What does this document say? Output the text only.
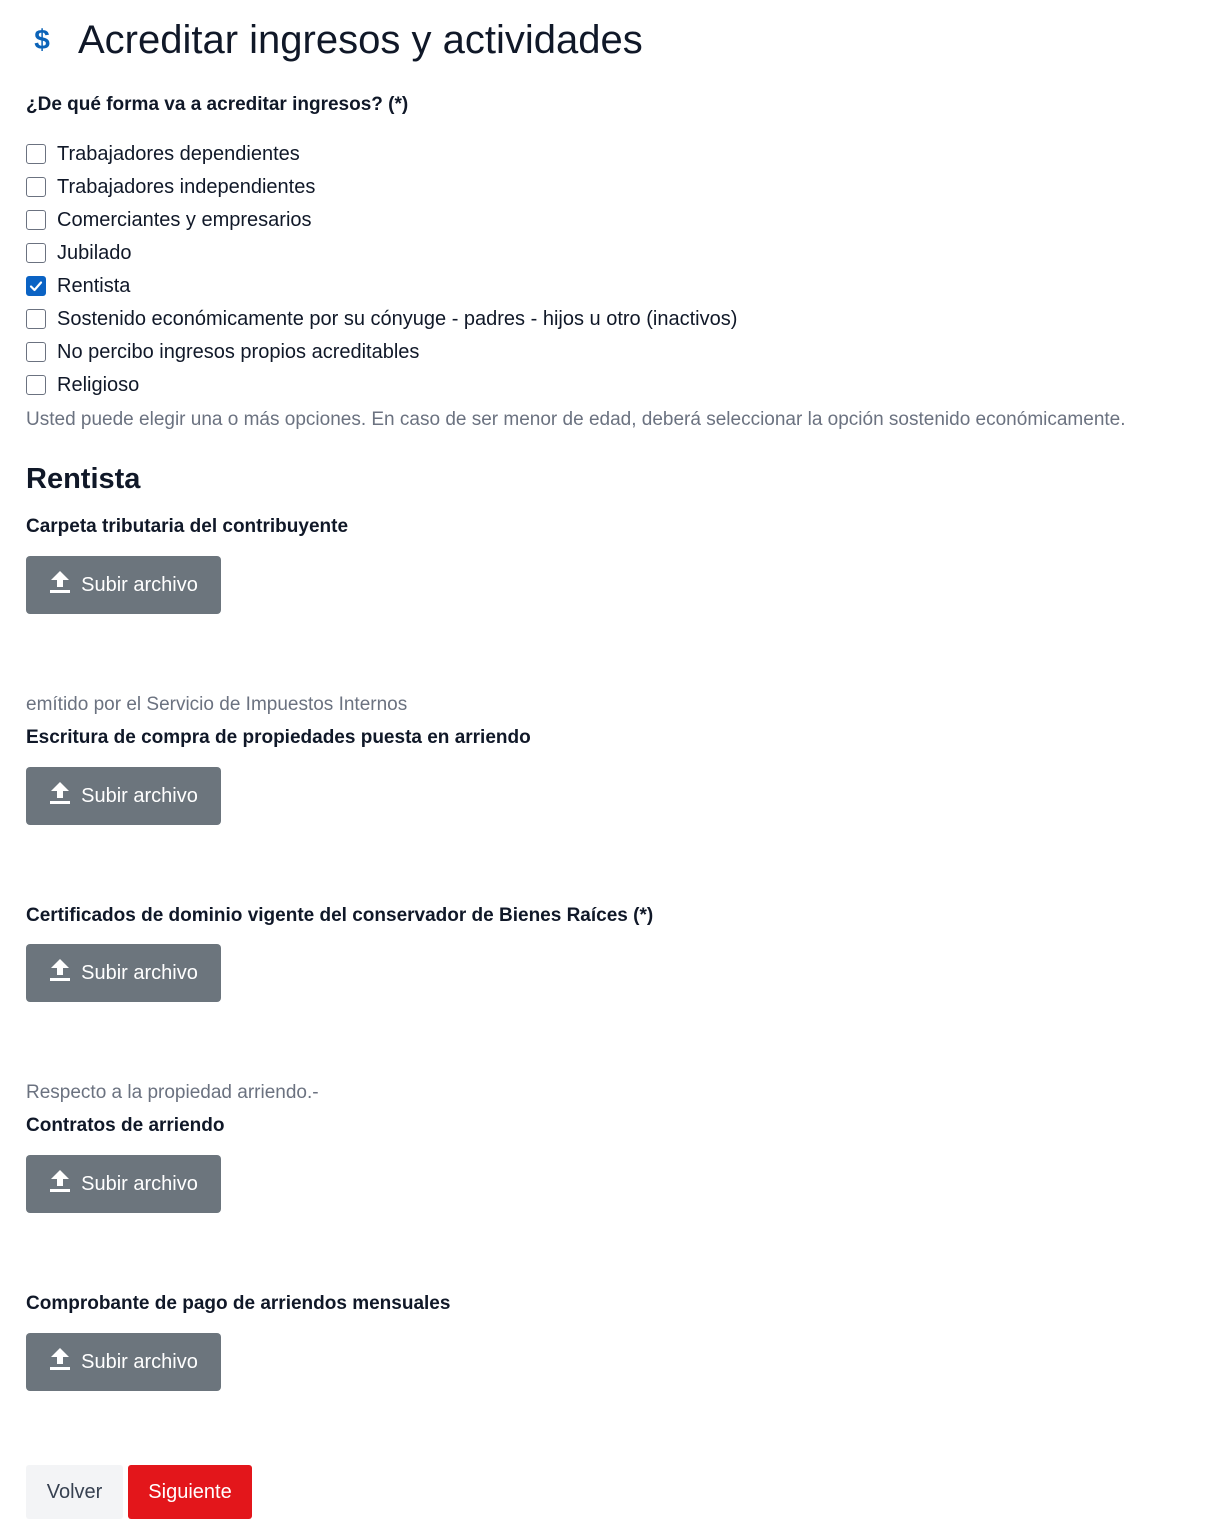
$ Acreditar ingresos y actividades
¿De qué forma va a acreditar ingresos? (*)
Trabajadores dependientes
Trabajadores independientes
Comerciantes y empresarios
Jubilado
Rentista
Sostenido económicamente por su cónyuge - padres - hijos u otro (inactivos)
No percibo ingresos propios acreditables
Religioso
Usted puede elegir una o más opciones. En caso de ser menor de edad, deberá seleccionar la opción sostenido económicamente.
Rentista
Carpeta tributaria del contribuyente
Subir archivo
emítido por el Servicio de Impuestos Internos
Escritura de compra de propiedades puesta en arriendo
Subir archivo
Certificados de dominio vigente del conservador de Bienes Raíces (*)
Subir archivo
Respecto a la propiedad arriendo.-
Contratos de arriendo
Subir archivo
Comprobante de pago de arriendos mensuales
Subir archivo
Volver	Siguiente
